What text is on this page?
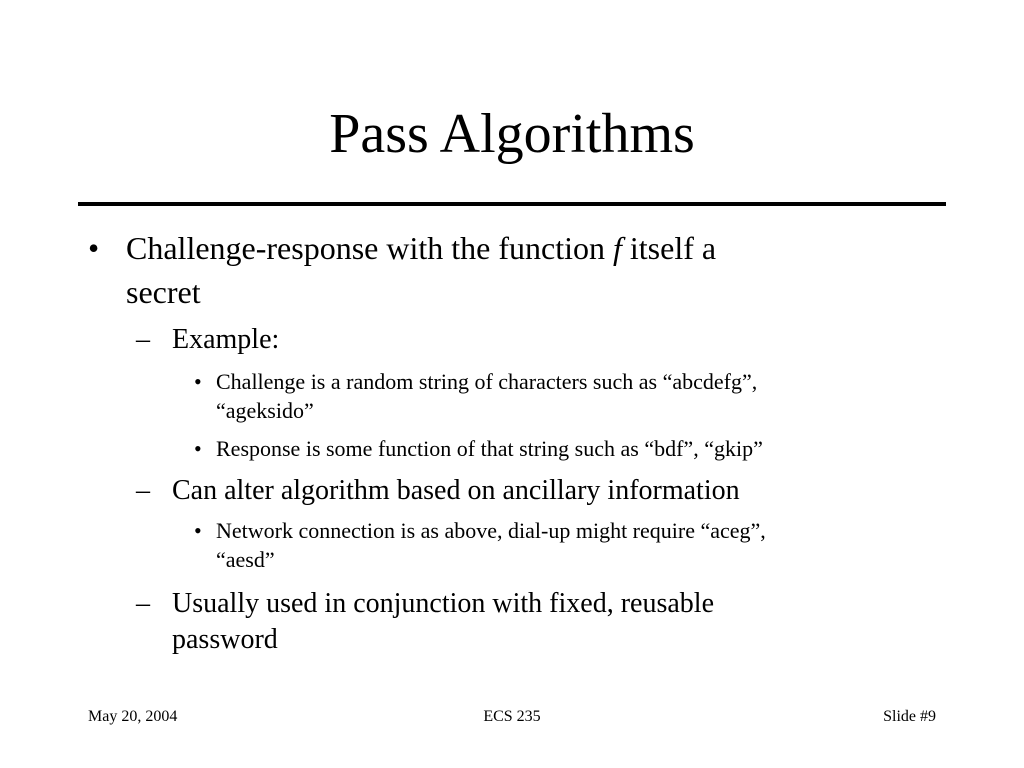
Pass Algorithms
• Challenge-response with the function f itself a
secret
– Example:
• Challenge is a random string of characters such as “abcdefg”,
“ageksido”
• Response is some function of that string such as “bdf”, “gkip”
– Can alter algorithm based on ancillary information
• Network connection is as above, dial-up might require “aceg”,
“aesd”
– Usually used in conjunction with fixed, reusable
password
May 20, 2004	ECS 235	Slide #9
